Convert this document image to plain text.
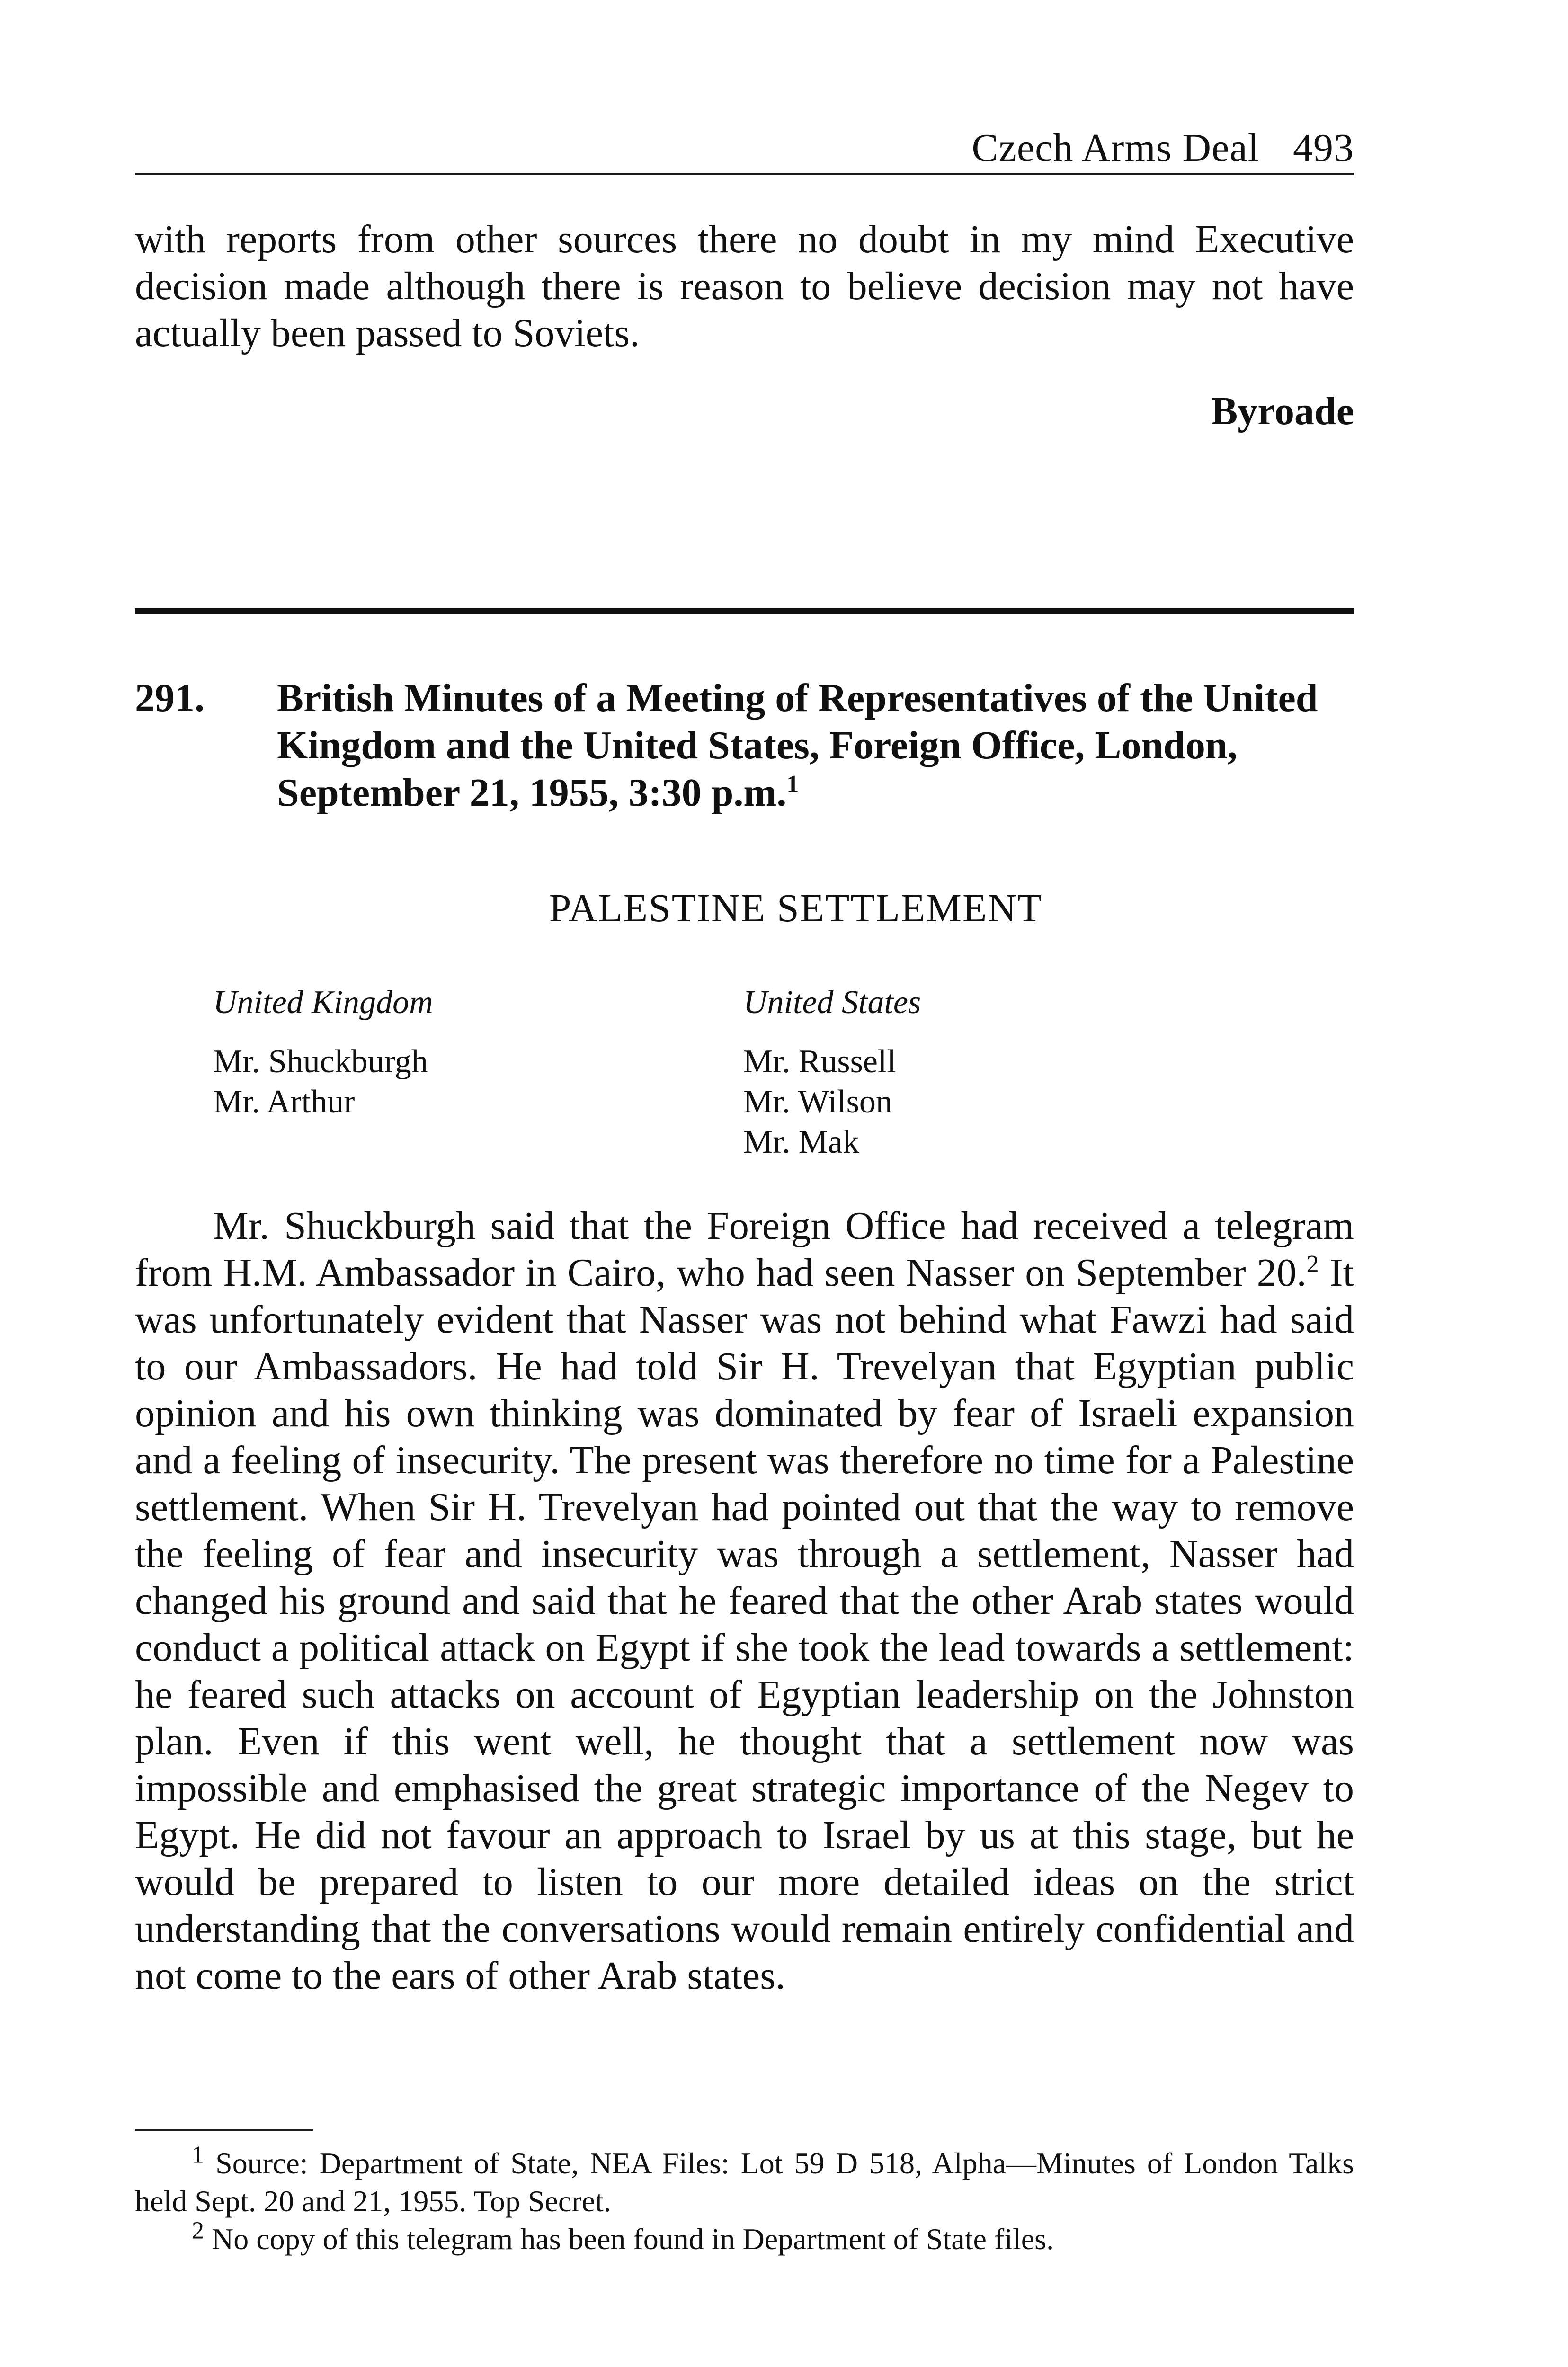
Czech Arms Deal 493

with reports from other sources there no doubt in my mind Executive decision made although there is reason to believe decision may not have actually been passed to Soviets.

Byroade

291. British Minutes of a Meeting of Representatives of the United Kingdom and the United States, Foreign Office, London, September 21, 1955, 3:30 p.m.$^1$

PALESTINE SETTLEMENT

United Kingdom
Mr. Shuckburgh
Mr. Arthur
United States
Mr. Russell
Mr. Wilson
Mr. Mak

Mr. Shuckburgh said that the Foreign Office had received a telegram from H.M. Ambassador in Cairo, who had seen Nasser on September 20.$^2$ It was unfortunately evident that Nasser was not behind what Fawzi had said to our Ambassadors. He had told Sir H. Trevelyan that Egyptian public opinion and his own thinking was dominated by fear of Israeli expansion and a feeling of insecurity. The present was therefore no time for a Palestine settlement. When Sir H. Trevelyan had pointed out that the way to remove the feeling of fear and insecurity was through a settlement, Nasser had changed his ground and said that he feared that the other Arab states would conduct a political attack on Egypt if she took the lead towards a settlement: he feared such attacks on account of Egyptian leadership on the Johnston plan. Even if this went well, he thought that a settlement now was impossible and emphasised the great strategic importance of the Negev to Egypt. He did not favour an approach to Israel by us at this stage, but he would be prepared to listen to our more detailed ideas on the strict understanding that the conversations would remain entirely confidential and not come to the ears of other Arab states.

$^1$ Source: Department of State, NEA Files: Lot 59 D 518, Alpha—Minutes of London Talks held Sept. 20 and 21, 1955. Top Secret.

$^2$ No copy of this telegram has been found in Department of State files.
